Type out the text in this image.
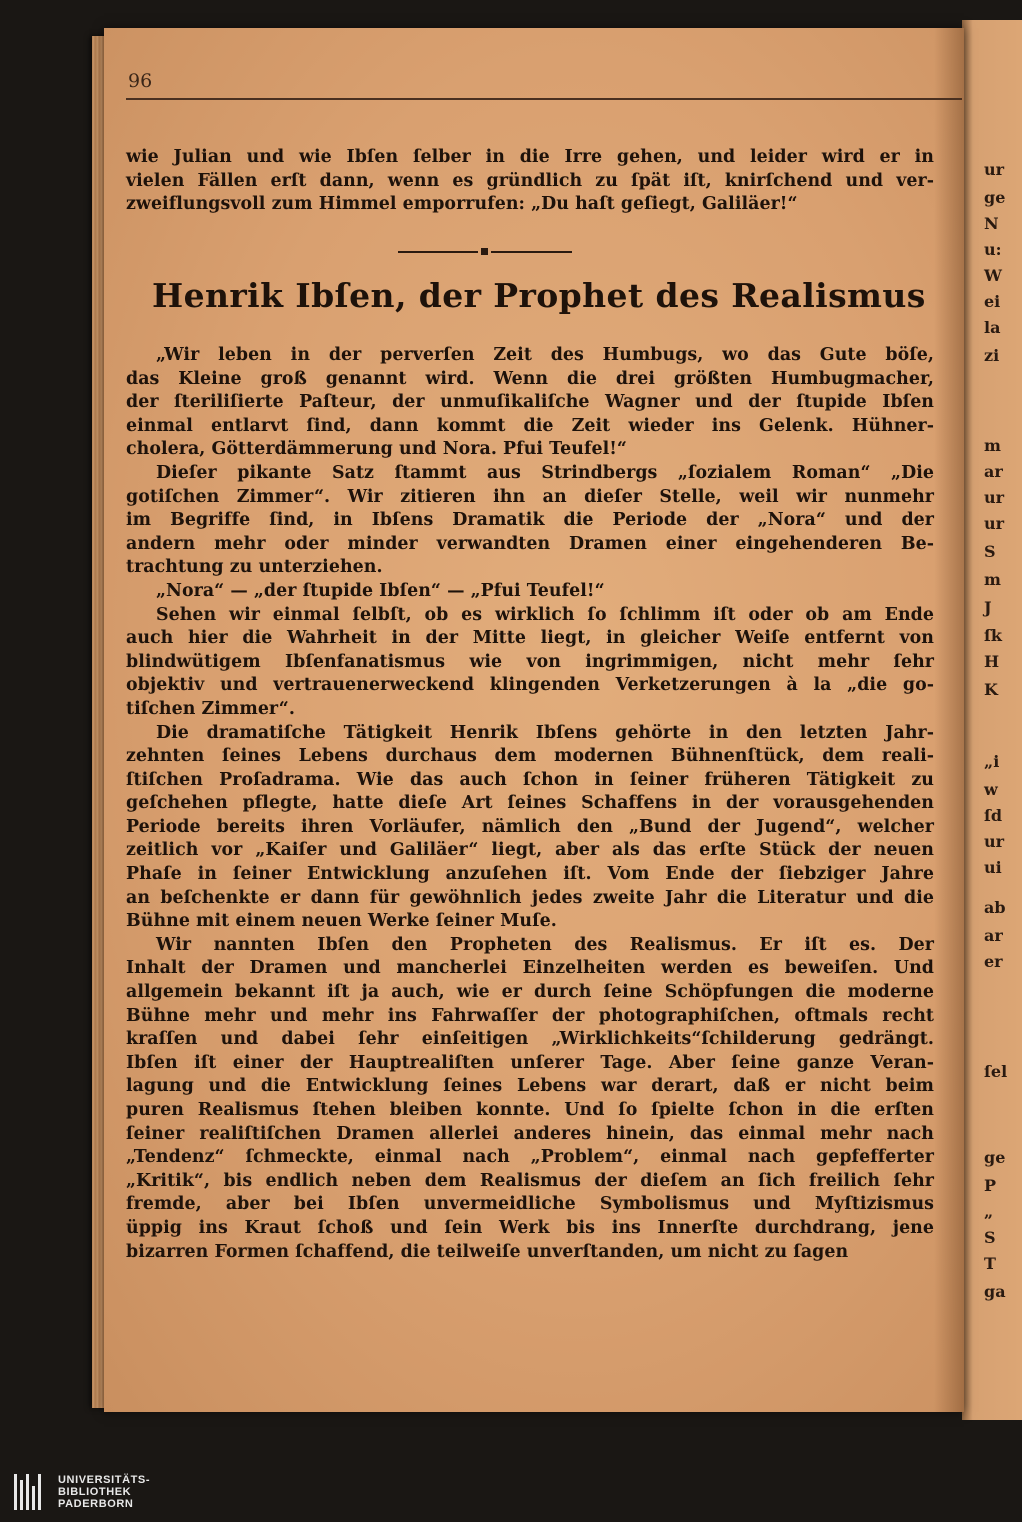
ur
ge
N
u:
W
ei
la
zi
m
ar
ur
ur
S
m
J
ſk
H
K
„i
w
ſd
ur
ui
ab
ar
er
ſel
ge
P
„
S
T
ga
96
wie Julian und wie Ibſen ſelber in die Irre gehen, und leider wird er in
vielen Fällen erſt dann, wenn es gründlich zu ſpät iſt, knirſchend und ver-
zweiflungsvoll zum Himmel emporrufen: „Du haſt geſiegt, Galiläer!“
Henrik Ibſen, der Prophet des Realismus
„Wir leben in der perverſen Zeit des Humbugs, wo das Gute böſe,
das Kleine groß genannt wird. Wenn die drei größten Humbugmacher,
der ſteriliſierte Paſteur, der unmuſikaliſche Wagner und der ſtupide Ibſen
einmal entlarvt ſind, dann kommt die Zeit wieder ins Gelenk. Hühner-
cholera, Götterdämmerung und Nora. Pfui Teufel!“
Dieſer pikante Satz ſtammt aus Strindbergs „ſozialem Roman“ „Die
gotiſchen Zimmer“. Wir zitieren ihn an dieſer Stelle, weil wir nunmehr
im Begriffe ſind, in Ibſens Dramatik die Periode der „Nora“ und der
andern mehr oder minder verwandten Dramen einer eingehenderen Be-
trachtung zu unterziehen.
„Nora“ — „der ſtupide Ibſen“ — „Pfui Teufel!“
Sehen wir einmal ſelbſt, ob es wirklich ſo ſchlimm iſt oder ob am Ende
auch hier die Wahrheit in der Mitte liegt, in gleicher Weiſe entfernt von
blindwütigem Ibſenfanatismus wie von ingrimmigen, nicht mehr ſehr
objektiv und vertrauenerweckend klingenden Verketzerungen à la „die go-
tiſchen Zimmer“.
Die dramatiſche Tätigkeit Henrik Ibſens gehörte in den letzten Jahr-
zehnten ſeines Lebens durchaus dem modernen Bühnenſtück, dem reali-
ſtiſchen Proſadrama. Wie das auch ſchon in ſeiner früheren Tätigkeit zu
geſchehen pflegte, hatte dieſe Art ſeines Schaffens in der vorausgehenden
Periode bereits ihren Vorläufer, nämlich den „Bund der Jugend“, welcher
zeitlich vor „Kaiſer und Galiläer“ liegt, aber als das erſte Stück der neuen
Phaſe in ſeiner Entwicklung anzuſehen iſt. Vom Ende der ſiebziger Jahre
an beſchenkte er dann für gewöhnlich jedes zweite Jahr die Literatur und die
Bühne mit einem neuen Werke ſeiner Muſe.
Wir nannten Ibſen den Propheten des Realismus. Er iſt es. Der
Inhalt der Dramen und mancherlei Einzelheiten werden es beweiſen. Und
allgemein bekannt iſt ja auch, wie er durch ſeine Schöpfungen die moderne
Bühne mehr und mehr ins Fahrwaſſer der photographiſchen, oftmals recht
kraſſen und dabei ſehr einſeitigen „Wirklichkeits“ſchilderung gedrängt.
Ibſen iſt einer der Hauptrealiſten unſerer Tage. Aber ſeine ganze Veran-
lagung und die Entwicklung ſeines Lebens war derart, daß er nicht beim
puren Realismus ſtehen bleiben konnte. Und ſo ſpielte ſchon in die erſten
ſeiner realiſtiſchen Dramen allerlei anderes hinein, das einmal mehr nach
„Tendenz“ ſchmeckte, einmal nach „Problem“, einmal nach gepfefferter
„Kritik“, bis endlich neben dem Realismus der dieſem an ſich freilich ſehr
fremde, aber bei Ibſen unvermeidliche Symbolismus und Myſtizismus
üppig ins Kraut ſchoß und ſein Werk bis ins Innerſte durchdrang, jene
bizarren Formen ſchaffend, die teilweiſe unverſtanden, um nicht zu ſagen
UNIVERSITÄTS-
BIBLIOTHEK
PADERBORN
